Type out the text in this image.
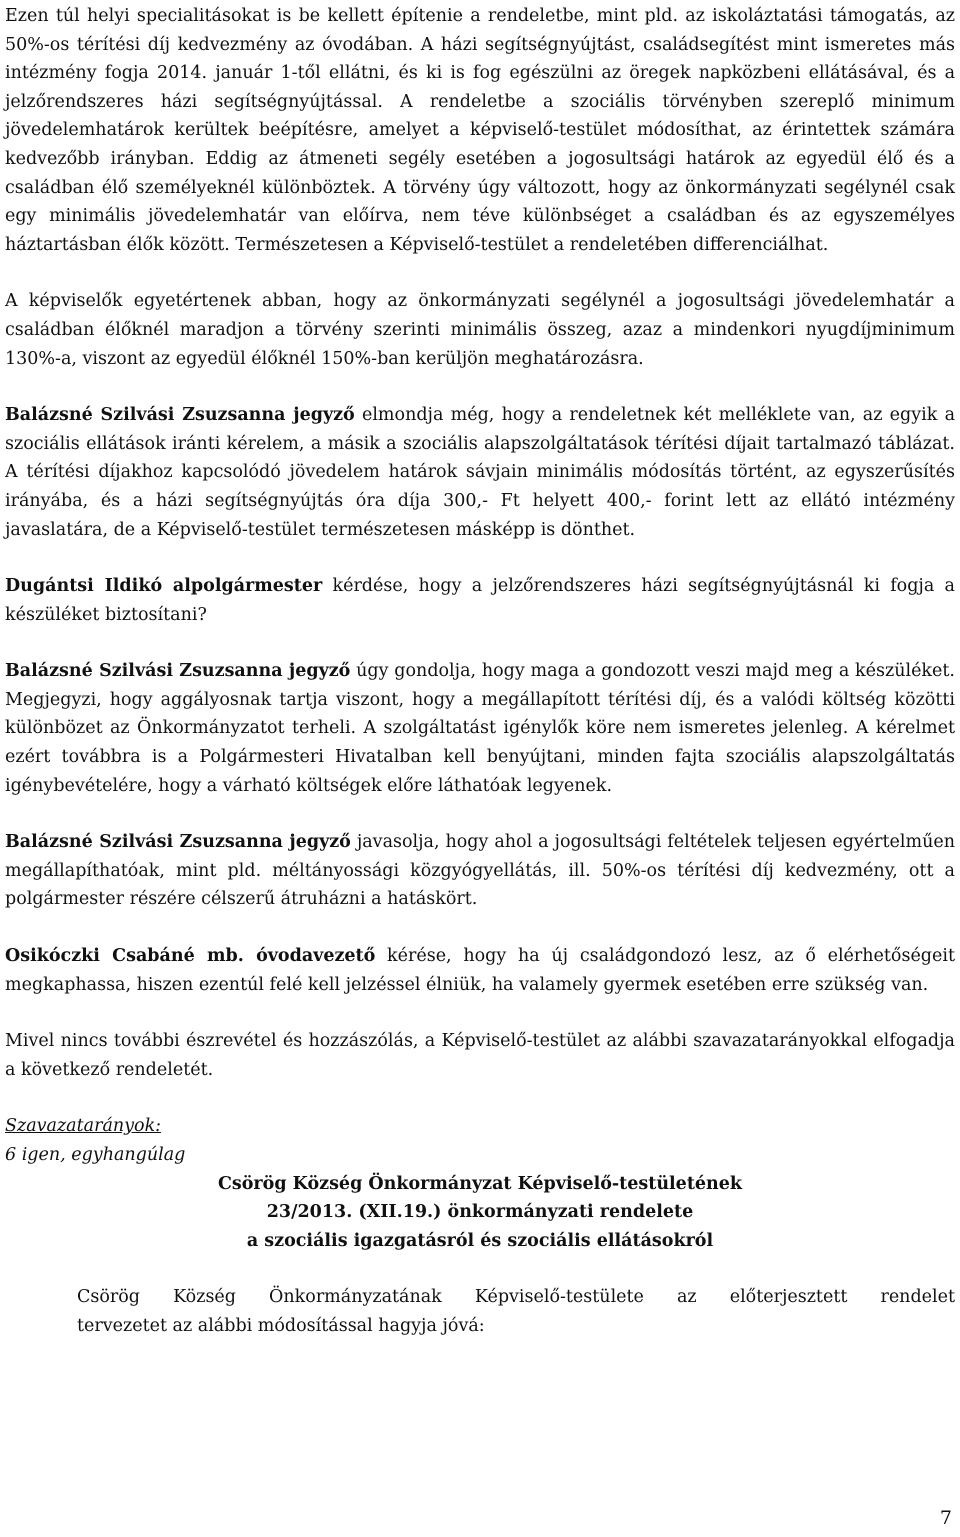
Ezen túl helyi specialitásokat is be kellett építenie a rendeletbe, mint pld. az iskoláztatási támogatás, az 50%-os térítési díj kedvezmény az óvodában. A házi segítségnyújtást, családsegítést mint ismeretes más intézmény fogja 2014. január 1-től ellátni, és ki is fog egészülni az öregek napközbeni ellátásával, és a jelzőrendszeres házi segítségnyújtással. A rendeletbe a szociális törvényben szereplő minimum jövedelemhatárok kerültek beépítésre, amelyet a képviselő-testület módosíthat, az érintettek számára kedvezőbb irányban. Eddig az átmeneti segély esetében a jogosultsági határok az egyedül élő és a családban élő személyeknél különböztek. A törvény úgy változott, hogy az önkormányzati segélynél csak egy minimális jövedelemhatár van előírva, nem téve különbséget a családban és az egyszemélyes háztartásban élők között. Természetesen a Képviselő-testület a rendeletében differenciálhat.

A képviselők egyetértenek abban, hogy az önkormányzati segélynél a jogosultsági jövedelemhatár a családban élőknél maradjon a törvény szerinti minimális összeg, azaz a mindenkori nyugdíjminimum 130%-a, viszont az egyedül élőknél 150%-ban kerüljön meghatározásra.

Balázsné Szilvási Zsuzsanna jegyző elmondja még, hogy a rendeletnek két melléklete van, az egyik a szociális ellátások iránti kérelem, a másik a szociális alapszolgáltatások térítési díjait tartalmazó táblázat. A térítési díjakhoz kapcsolódó jövedelem határok sávjain minimális módosítás történt, az egyszerűsítés irányába, és a házi segítségnyújtás óra díja 300,- Ft helyett 400,- forint lett az ellátó intézmény javaslatára, de a Képviselő-testület természetesen másképp is dönthet.

Dugántsi Ildikó alpolgármester kérdése, hogy a jelzőrendszeres házi segítségnyújtásnál ki fogja a készüléket biztosítani?

Balázsné Szilvási Zsuzsanna jegyző úgy gondolja, hogy maga a gondozott veszi majd meg a készüléket. Megjegyzi, hogy aggályosnak tartja viszont, hogy a megállapított térítési díj, és a valódi költség közötti különbözet az Önkormányzatot terheli. A szolgáltatást igénylők köre nem ismeretes jelenleg. A kérelmet ezért továbbra is a Polgármesteri Hivatalban kell benyújtani, minden fajta szociális alapszolgáltatás igénybevételére, hogy a várható költségek előre láthatóak legyenek.

Balázsné Szilvási Zsuzsanna jegyző javasolja, hogy ahol a jogosultsági feltételek teljesen egyértelműen megállapíthatóak, mint pld. méltányossági közgyógyellátás, ill. 50%-os térítési díj kedvezmény, ott a polgármester részére célszerű átruházni a hatáskört.

Osikóczki Csabáné mb. óvodavezető kérése, hogy ha új családgondozó lesz, az ő elérhetőségeit megkaphassa, hiszen ezentúl felé kell jelzéssel élniük, ha valamely gyermek esetében erre szükség van.

Mivel nincs további észrevétel és hozzászólás, a Képviselő-testület az alábbi szavazatarányokkal elfogadja a következő rendeletét.

Szavazatarányok:

6 igen, egyhangúlag

Csörög Község Önkormányzat Képviselő-testületének

23/2013. (XII.19.) önkormányzati rendelete

a szociális igazgatásról és szociális ellátásokról

Csörög Község Önkormányzatának Képviselő-testülete az előterjesztett rendelet

tervezetet az alábbi módosítással hagyja jóvá:

7
